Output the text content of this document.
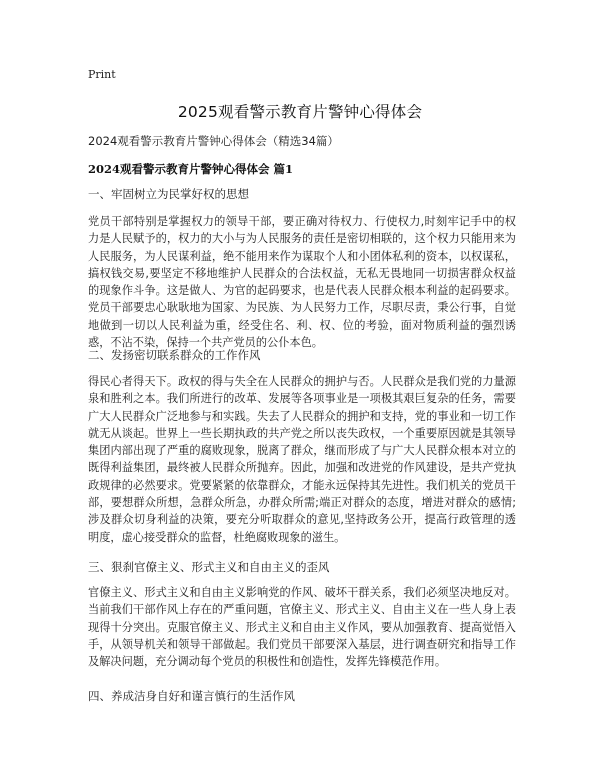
Print
2025观看警示教育片警钟心得体会
2024观看警示教育片警钟心得体会（精选34篇）
2024观看警示教育片警钟心得体会 篇1
一、牢固树立为民掌好权的思想

党员干部特别是掌握权力的领导干部，要正确对待权力、行使权力,时刻牢记手中的权力是人民赋予的，权力的大小与为人民服务的责任是密切相联的，这个权力只能用来为人民服务，为人民谋利益，绝不能用来作为谋取个人和小团体私利的资本，以权谋私，搞权钱交易,要坚定不移地维护人民群众的合法权益，无私无畏地同一切损害群众权益的现象作斗争。这是做人、为官的起码要求，也是代表人民群众根本利益的起码要求。党员干部要忠心耿耿地为国家、为民族、为人民努力工作，尽职尽责，秉公行事，自觉地做到一切以人民利益为重，经受住名、利、权、位的考验，面对物质利益的强烈诱惑，不沾不染，保持一个共产党员的公仆本色。

二、发扬密切联系群众的工作作风

得民心者得天下。政权的得与失全在人民群众的拥护与否。人民群众是我们党的力量源泉和胜利之本。我们所进行的改革、发展等各项事业是一项极其艰巨复杂的任务，需要广大人民群众广泛地参与和实践。失去了人民群众的拥护和支持，党的事业和一切工作就无从谈起。世界上一些长期执政的共产党之所以丧失政权，一个重要原因就是其领导集团内部出现了严重的腐败现象，脱离了群众，继而形成了与广大人民群众根本对立的既得利益集团，最终被人民群众所抛弃。因此，加强和改进党的作风建设，是共产党执政规律的必然要求。党要紧紧的依靠群众，才能永远保持其先进性。我们机关的党员干部，要想群众所想，急群众所急，办群众所需;端正对群众的态度，增进对群众的感情;涉及群众切身利益的决策，要充分听取群众的意见,坚持政务公开，提高行政管理的透明度，虚心接受群众的监督，杜绝腐败现象的滋生。

三、狠刹官僚主义、形式主义和自由主义的歪风

官僚主义、形式主义和自由主义影响党的作风、破坏干群关系，我们必须坚决地反对。当前我们干部作风上存在的严重问题，官僚主义、形式主义、自由主义在一些人身上表现得十分突出。克服官僚主义、形式主义和自由主义作风，要从加强教育、提高觉悟入手，从领导机关和领导干部做起。我们党员干部要深入基层，进行调查研究和指导工作及解决问题，充分调动每个党员的积极性和创造性，发挥先锋模范作用。

四、养成洁身自好和谨言慎行的生活作风
